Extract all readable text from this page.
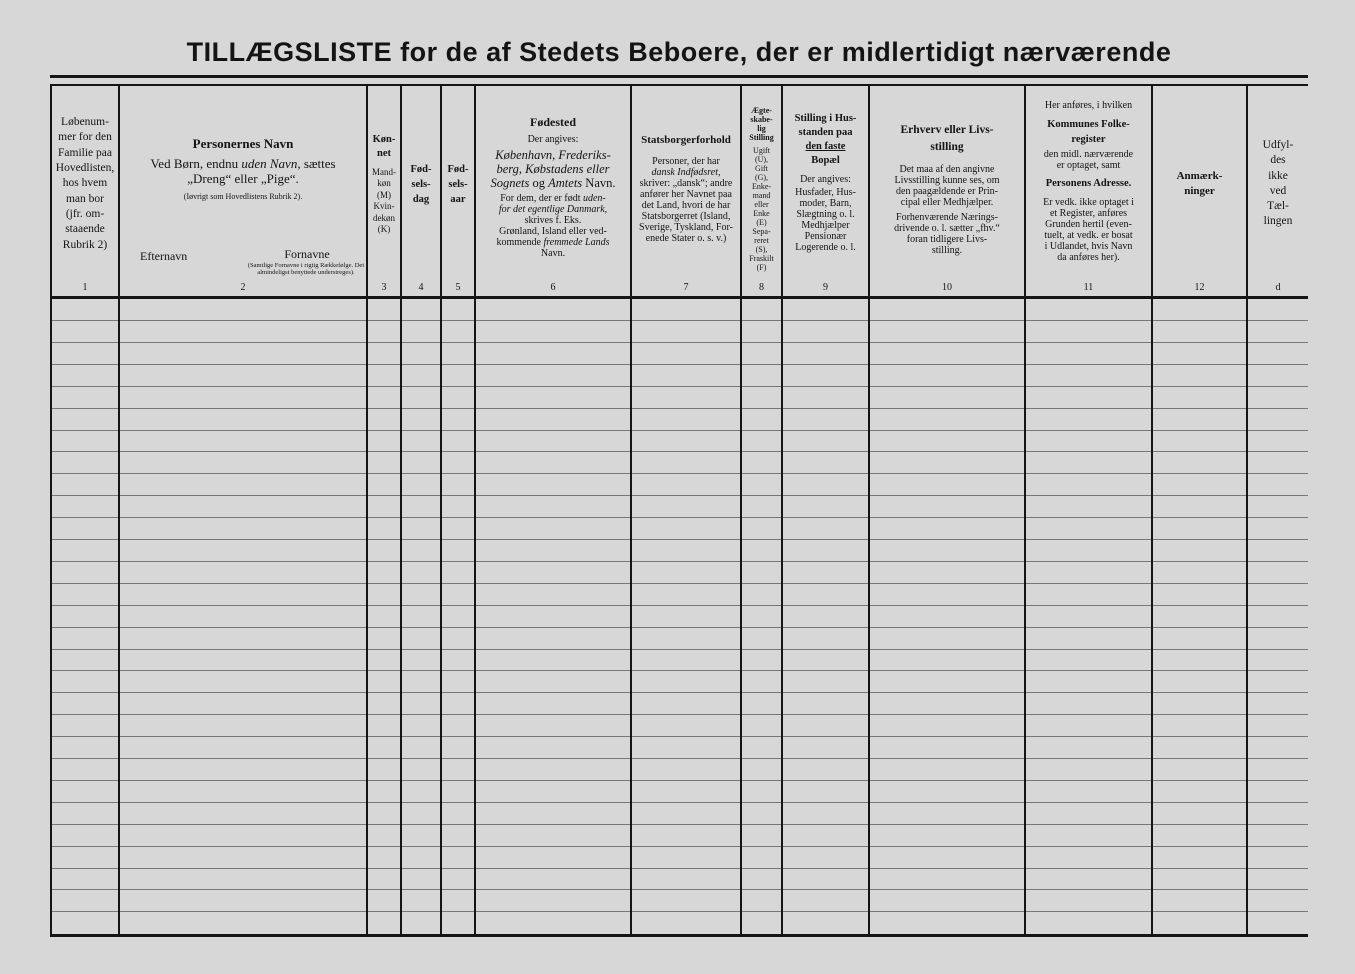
TILLÆGSLISTE for de af Stedets Beboere, der er midlertidigt nærværende
Løbenum-
mer for den
Familie paa
Hovedlisten,
hos hvem
man bor
(jfr. om-
staaende
Rubrik 2)
1
Personernes Navn
Ved Børn, endnu uden Navn, sættes
„Dreng“ eller „Pige“.
(Iøvrigt som Hovedlistens Rubrik 2).
Efternavn	Fornavne
(Samtlige Fornavne i rigtig Rækkefølge. Det almindeligst benyttede understreges).
2
Køn-
net
Mand-
køn
(M)
Kvin-
dekøn
(K)
3
Fød-
sels-
dag
4
Fød-
sels-
aar
5
Fødested
Der angives:
København, Frederiks-
berg, Købstadens eller
Sognets og Amtets Navn.
For dem, der er født uden-
for det egentlige Danmark,
skrives f. Eks.
Grønland, Island eller ved-
kommende fremmede Lands
Navn.
6
Statsborgerforhold
Personer, der har
dansk Indfødsret,
skriver: „dansk“; andre
anfører her Navnet paa
det Land, hvori de har
Statsborgerret (Island,
Sverige, Tyskland, For-
enede Stater o. s. v.)
7
Ægte-
skabe-
lig
Stilling
Ugift
(U),
Gift
(G),
Enke-
mand
eller
Enke
(E)
Sepa-
reret
(S),
Fraskilt
(F)
8
Stilling i Hus-
standen paa
den faste
Bopæl
Der angives:
Husfader, Hus-
moder, Barn,
Slægtning o. l.
Medhjælper
Pensionær
Logerende o. l.
9
Erhverv eller Livs-
stilling
Det maa af den angivne
Livsstilling kunne ses, om
den paagældende er Prin-
cipal eller Medhjælper.
Forhenværende Nærings-
drivende o. l. sætter „fhv.“
foran tidligere Livs-
stilling.
10
Her anføres, i hvilken
Kommunes Folke-
register
den midl. nærværende
er optaget, samt
Personens Adresse.
Er vedk. ikke optaget i
et Register, anføres
Grunden hertil (even-
tuelt, at vedk. er bosat
i Udlandet, hvis Navn
da anføres her).
11
Anmærk-
ninger
12
Udfyl-
des
ikke
ved
Tæl-
lingen
d
